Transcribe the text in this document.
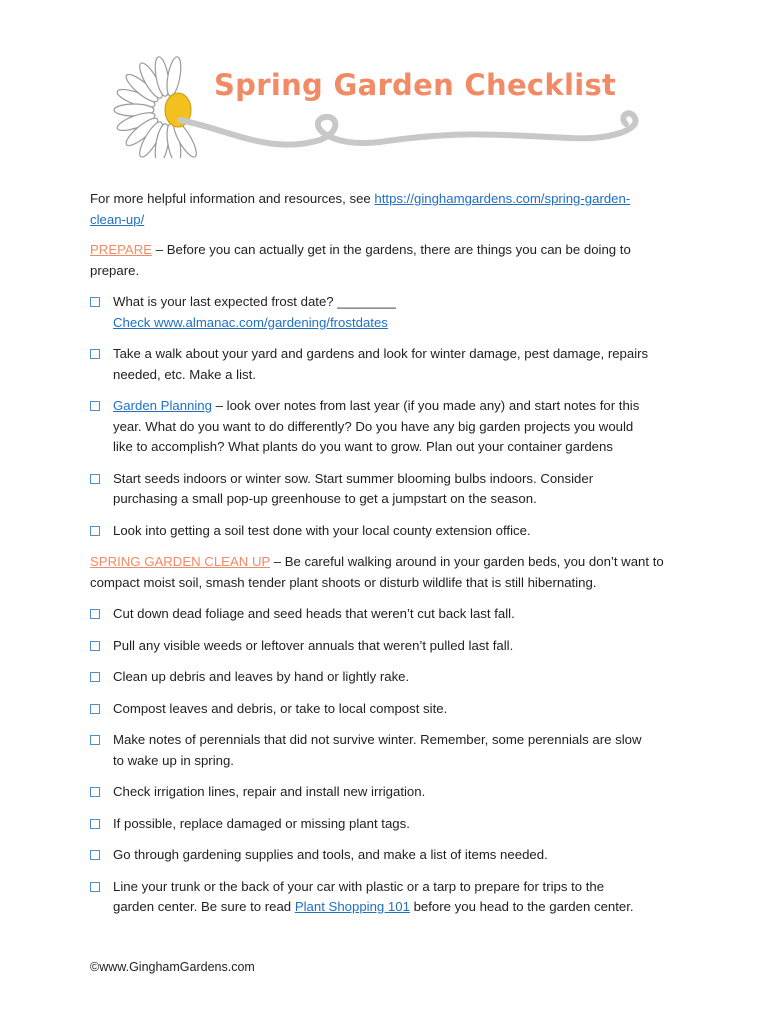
Spring Garden Checklist

For more helpful information and resources, see https://ginghamgardens.com/spring-garden-
clean-up/

PREPARE – Before you can actually get in the gardens, there are things you can be doing to
prepare.

What is your last expected frost date? ________
Check www.almanac.com/gardening/frostdates
Take a walk about your yard and gardens and look for winter damage, pest damage, repairs
needed, etc. Make a list.
Garden Planning – look over notes from last year (if you made any) and start notes for this
year. What do you want to do differently? Do you have any big garden projects you would
like to accomplish? What plants do you want to grow. Plan out your container gardens
Start seeds indoors or winter sow. Start summer blooming bulbs indoors. Consider
purchasing a small pop-up greenhouse to get a jumpstart on the season.
Look into getting a soil test done with your local county extension office.

SPRING GARDEN CLEAN UP – Be careful walking around in your garden beds, you don’t want to
compact moist soil, smash tender plant shoots or disturb wildlife that is still hibernating.

Cut down dead foliage and seed heads that weren’t cut back last fall.
Pull any visible weeds or leftover annuals that weren’t pulled last fall.
Clean up debris and leaves by hand or lightly rake.
Compost leaves and debris, or take to local compost site.
Make notes of perennials that did not survive winter. Remember, some perennials are slow
to wake up in spring.
Check irrigation lines, repair and install new irrigation.
If possible, replace damaged or missing plant tags.
Go through gardening supplies and tools, and make a list of items needed.
Line your trunk or the back of your car with plastic or a tarp to prepare for trips to the
garden center. Be sure to read Plant Shopping 101 before you head to the garden center.
©www.GinghamGardens.com
